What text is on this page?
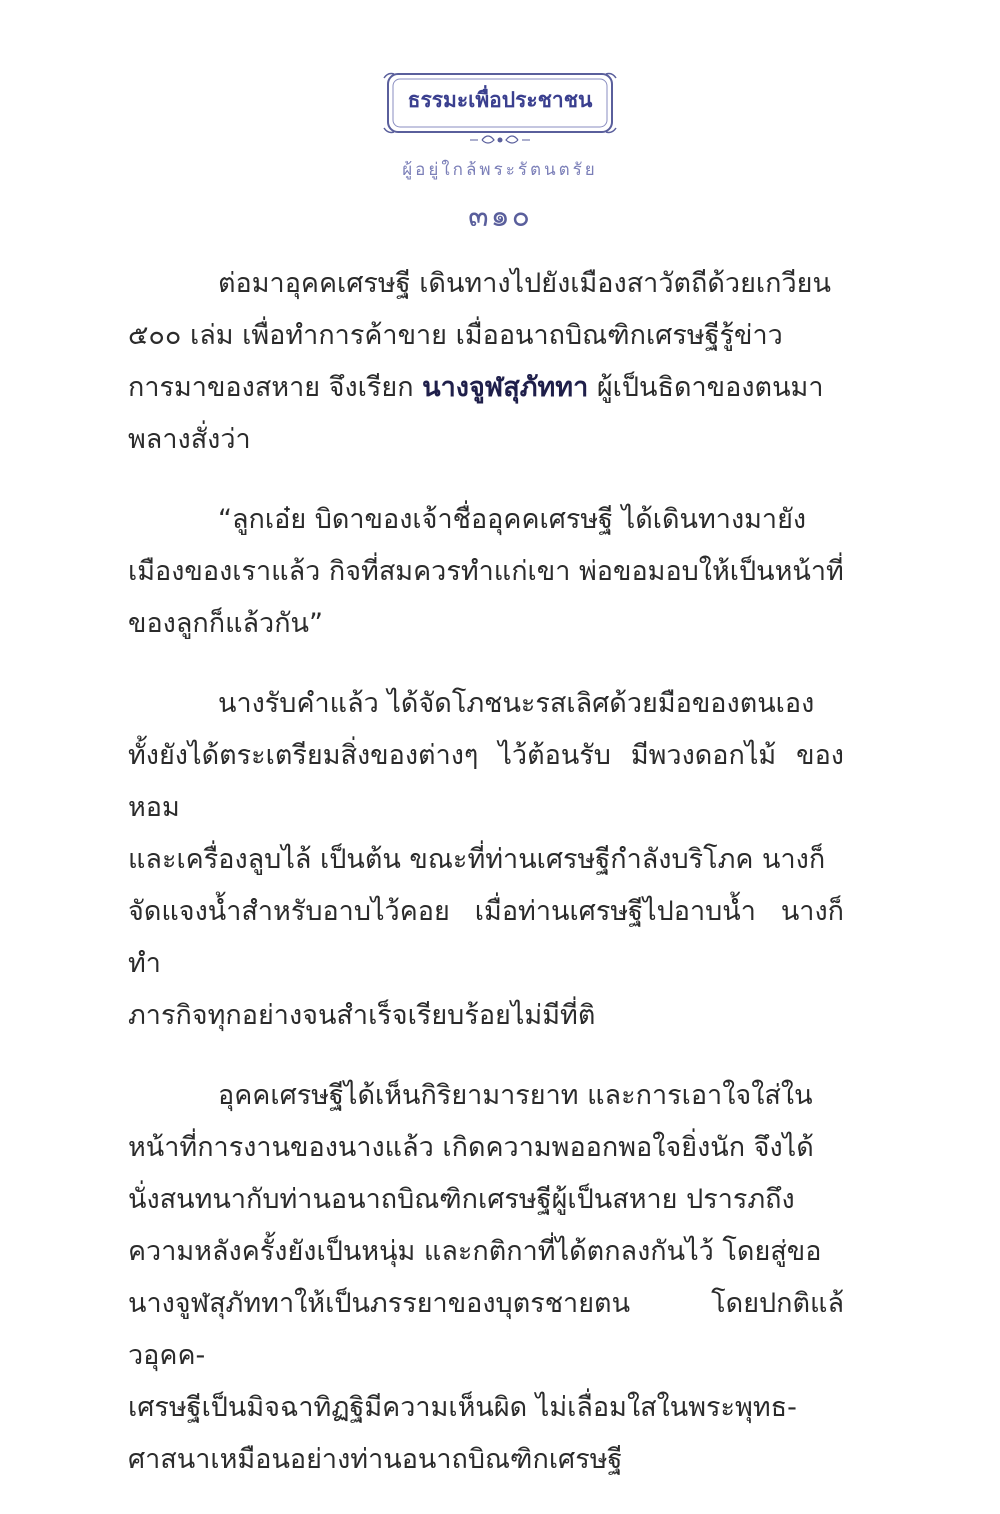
ธรรมะเพื่อประชาชน
ผู้อยู่ใกล้พระรัตนตรัย
๓๑๐
ต่อมาอุคคเศรษฐี เดินทางไปยังเมืองสาวัตถีด้วยเกวียน
๕๐๐ เล่ม เพื่อทำการค้าขาย เมื่ออนาถบิณฑิกเศรษฐีรู้ข่าว
การมาของสหาย จึงเรียก นางจูฬสุภัททา ผู้เป็นธิดาของตนมา
พลางสั่งว่า
“ลูกเอ๋ย บิดาของเจ้าชื่ออุคคเศรษฐี ได้เดินทางมายัง
เมืองของเราแล้ว กิจที่สมควรทำแก่เขา พ่อขอมอบให้เป็นหน้าที่
ของลูกก็แล้วกัน”
นางรับคำแล้ว ได้จัดโภชนะรสเลิศด้วยมือของตนเอง
ทั้งยังได้ตระเตรียมสิ่งของต่างๆ ไว้ต้อนรับ มีพวงดอกไม้ ของหอม
และเครื่องลูบไล้ เป็นต้น ขณะที่ท่านเศรษฐีกำลังบริโภค นางก็
จัดแจงน้ำสำหรับอาบไว้คอย เมื่อท่านเศรษฐีไปอาบน้ำ นางก็ทำ
ภารกิจทุกอย่างจนสำเร็จเรียบร้อยไม่มีที่ติ
อุคคเศรษฐีได้เห็นกิริยามารยาท และการเอาใจใส่ใน
หน้าที่การงานของนางแล้ว เกิดความพออกพอใจยิ่งนัก จึงได้
นั่งสนทนากับท่านอนาถบิณฑิกเศรษฐีผู้เป็นสหาย ปรารภถึง
ความหลังครั้งยังเป็นหนุ่ม และกติกาที่ได้ตกลงกันไว้ โดยสู่ขอ
นางจูฬสุภัททาให้เป็นภรรยาของบุตรชายตน โดยปกติแล้วอุคค-
เศรษฐีเป็นมิจฉาทิฏฐิมีความเห็นผิด ไม่เลื่อมใสในพระพุทธ-
ศาสนาเหมือนอย่างท่านอนาถบิณฑิกเศรษฐี
